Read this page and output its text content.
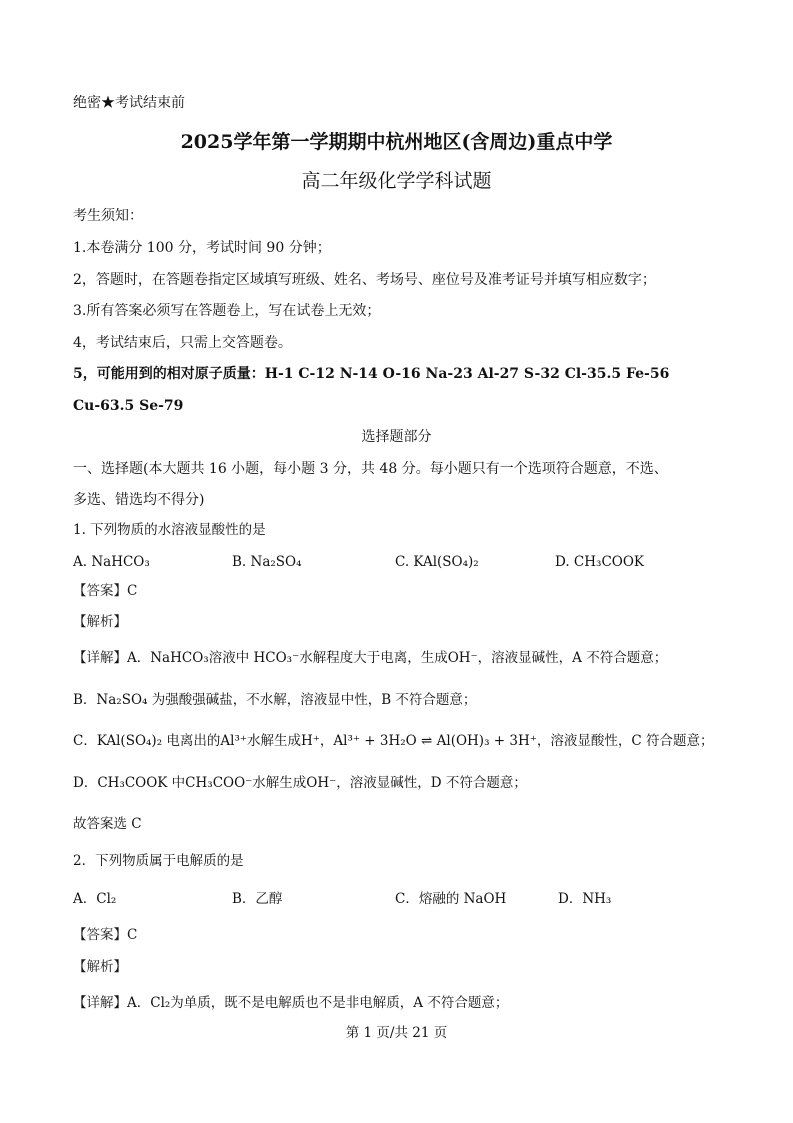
绝密★考试结束前
2025学年第一学期期中杭州地区(含周边)重点中学
高二年级化学学科试题
考生须知：
1.本卷满分 100 分，考试时间 90 分钟；
2，答题时，在答题卷指定区域填写班级、姓名、考场号、座位号及准考证号并填写相应数字；
3.所有答案必须写在答题卷上，写在试卷上无效；
4，考试结束后，只需上交答题卷。
5，可能用到的相对原子质量：H-1 C-12 N-14 O-16 Na-23 Al-27 S-32 Cl-35.5 Fe-56
Cu-63.5 Se-79
选择题部分
一、选择题(本大题共 16 小题，每小题 3 分，共 48 分。每小题只有一个选项符合题意，不选、
多选、错选均不得分)
1. 下列物质的水溶液显酸性的是
A. NaHCO₃	B. Na₂SO₄	C. KAl(SO₄)₂	D. CH₃COOK
【答案】C
【解析】
【详解】A．NaHCO₃溶液中 HCO₃⁻水解程度大于电离，生成OH⁻，溶液显碱性，A 不符合题意；
B．Na₂SO₄ 为强酸强碱盐，不水解，溶液显中性，B 不符合题意；
C．KAl(SO₄)₂ 电离出的Al³⁺水解生成H⁺，Al³⁺ + 3H₂O ⇌ Al(OH)₃ + 3H⁺，溶液显酸性，C 符合题意；
D．CH₃COOK 中CH₃COO⁻水解生成OH⁻，溶液显碱性，D 不符合题意；
故答案选 C
2．下列物质属于电解质的是
A．Cl₂	B．乙醇	C．熔融的 NaOH	D．NH₃
【答案】C
【解析】
【详解】A．Cl₂为单质，既不是电解质也不是非电解质，A 不符合题意；
第 1 页/共 21 页
